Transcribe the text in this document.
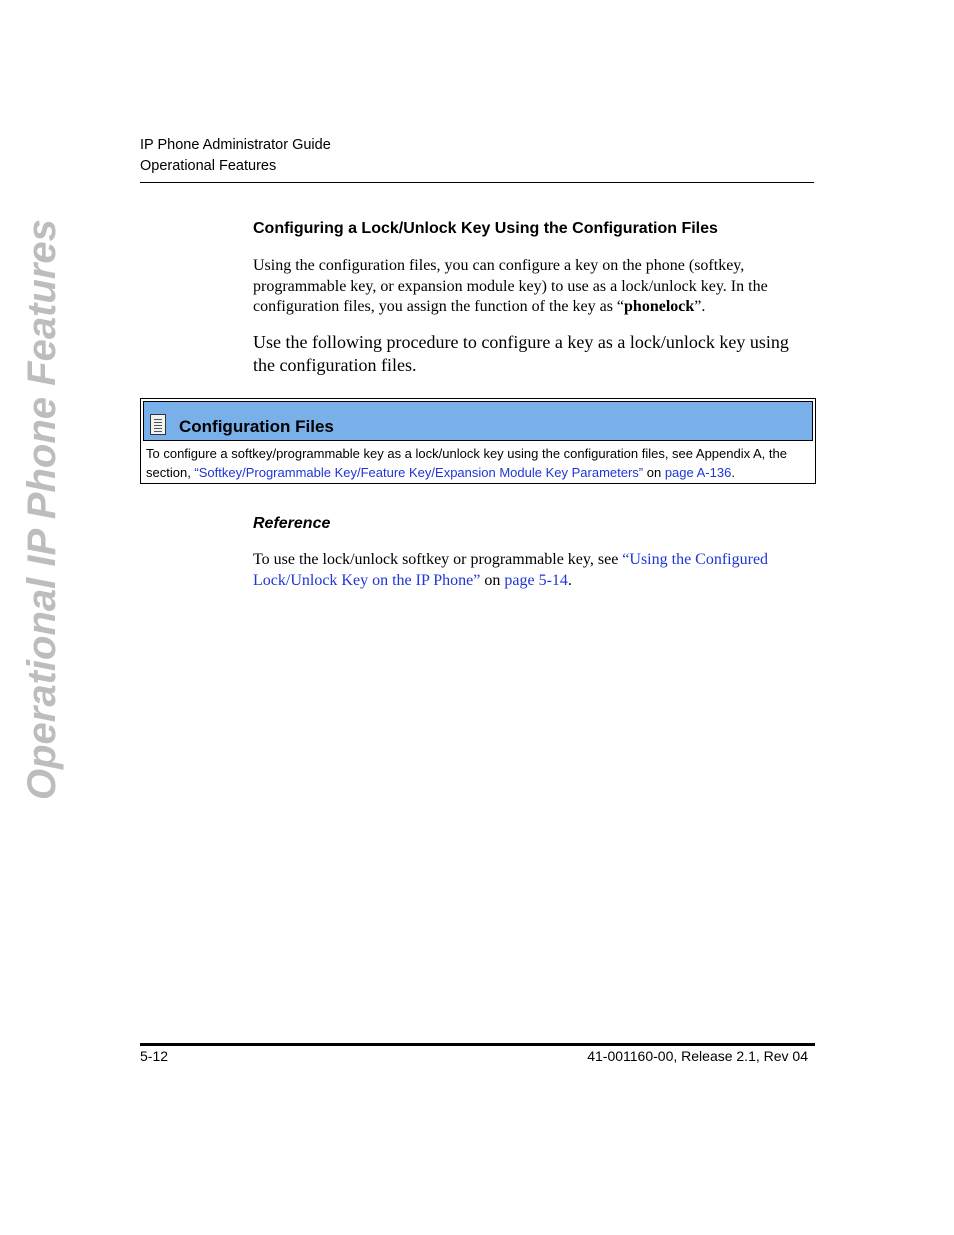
IP Phone Administrator Guide
Operational Features
Operational IP Phone Features	Configuring a Lock/Unlock Key Using the Configuration Files
Using the configuration files, you can configure a key on the phone (softkey, programmable key, or expansion module key) to use as a lock/unlock key. In the configuration files, you assign the function of the key as “phonelock”.
Use the following procedure to configure a key as a lock/unlock key using the configuration files.
Configuration Files
To configure a softkey/programmable key as a lock/unlock key using the configuration files, see Appendix A, the section, “Softkey/Programmable Key/Feature Key/Expansion Module Key Parameters” on page A-136.
Reference
To use the lock/unlock softkey or programmable key, see “Using the Configured Lock/Unlock Key on the IP Phone” on page 5-14.
5-12	41-001160-00, Release 2.1, Rev 04
